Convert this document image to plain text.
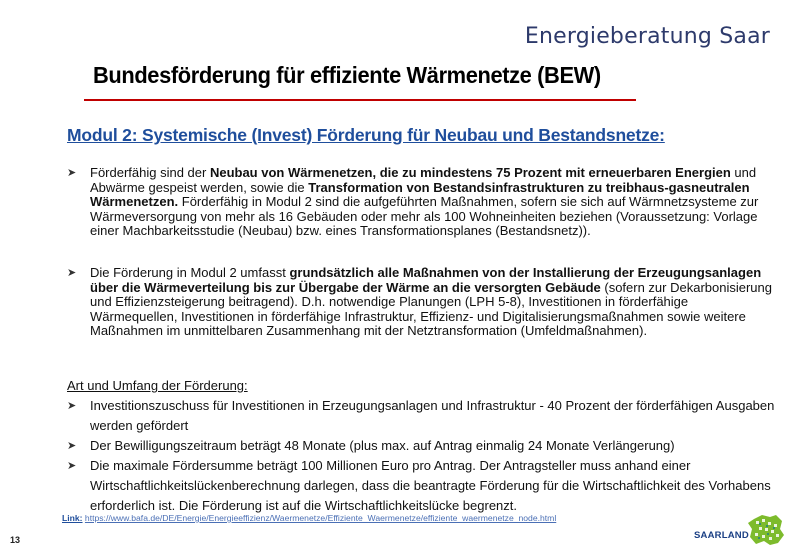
Energieberatung Saar
Bundesförderung für effiziente Wärmenetze (BEW)
Modul 2: Systemische (Invest) Förderung für Neubau und Bestandsnetze:
➤ Förderfähig sind der Neubau von Wärmenetzen, die zu mindestens 75 Prozent mit erneuerbaren Energien und Abwärme gespeist werden, sowie die Transformation von Bestandsinfrastrukturen zu treibhaus-gasneutralen Wärmenetzen. Förderfähig in Modul 2 sind die aufgeführten Maßnahmen, sofern sie sich auf Wärmnetzsysteme zur Wärmeversorgung von mehr als 16 Gebäuden oder mehr als 100 Wohneinheiten beziehen (Voraussetzung: Vorlage einer Machbarkeitsstudie (Neubau) bzw. eines Transformationsplanes (Bestandsnetz)).
➤ Die Förderung in Modul 2 umfasst grundsätzlich alle Maßnahmen von der Installierung der Erzeugungsanlagen über die Wärmeverteilung bis zur Übergabe der Wärme an die versorgten Gebäude (sofern zur Dekarbonisierung und Effizienzsteigerung beitragend). D.h. notwendige Planungen (LPH 5-8), Investitionen in förderfähige Wärmequellen, Investitionen in förderfähige Infrastruktur, Effizienz- und Digitalisierungsmaßnahmen sowie weitere Maßnahmen im unmittelbaren Zusammenhang mit der Netztransformation (Umfeldmaßnahmen).
Art und Umfang der Förderung:
➤ Investitionszuschuss für Investitionen in Erzeugungsanlagen und Infrastruktur - 40 Prozent der förderfähigen Ausgaben werden gefördert
➤ Der Bewilligungszeitraum beträgt 48 Monate (plus max. auf Antrag einmalig 24 Monate Verlängerung)
➤ Die maximale Fördersumme beträgt 100 Millionen Euro pro Antrag. Der Antragsteller muss anhand einer Wirtschaftlichkeitslückenberechnung darlegen, dass die beantragte Förderung für die Wirtschaftlichkeit des Vorhabens erforderlich ist. Die Förderung ist auf die Wirtschaftlichkeitslücke begrenzt.
Link: https://www.bafa.de/DE/Energie/Energieeffizienz/Waermenetze/Effiziente_Waermenetze/effiziente_waermenetze_node.html
13	SAARLAND
